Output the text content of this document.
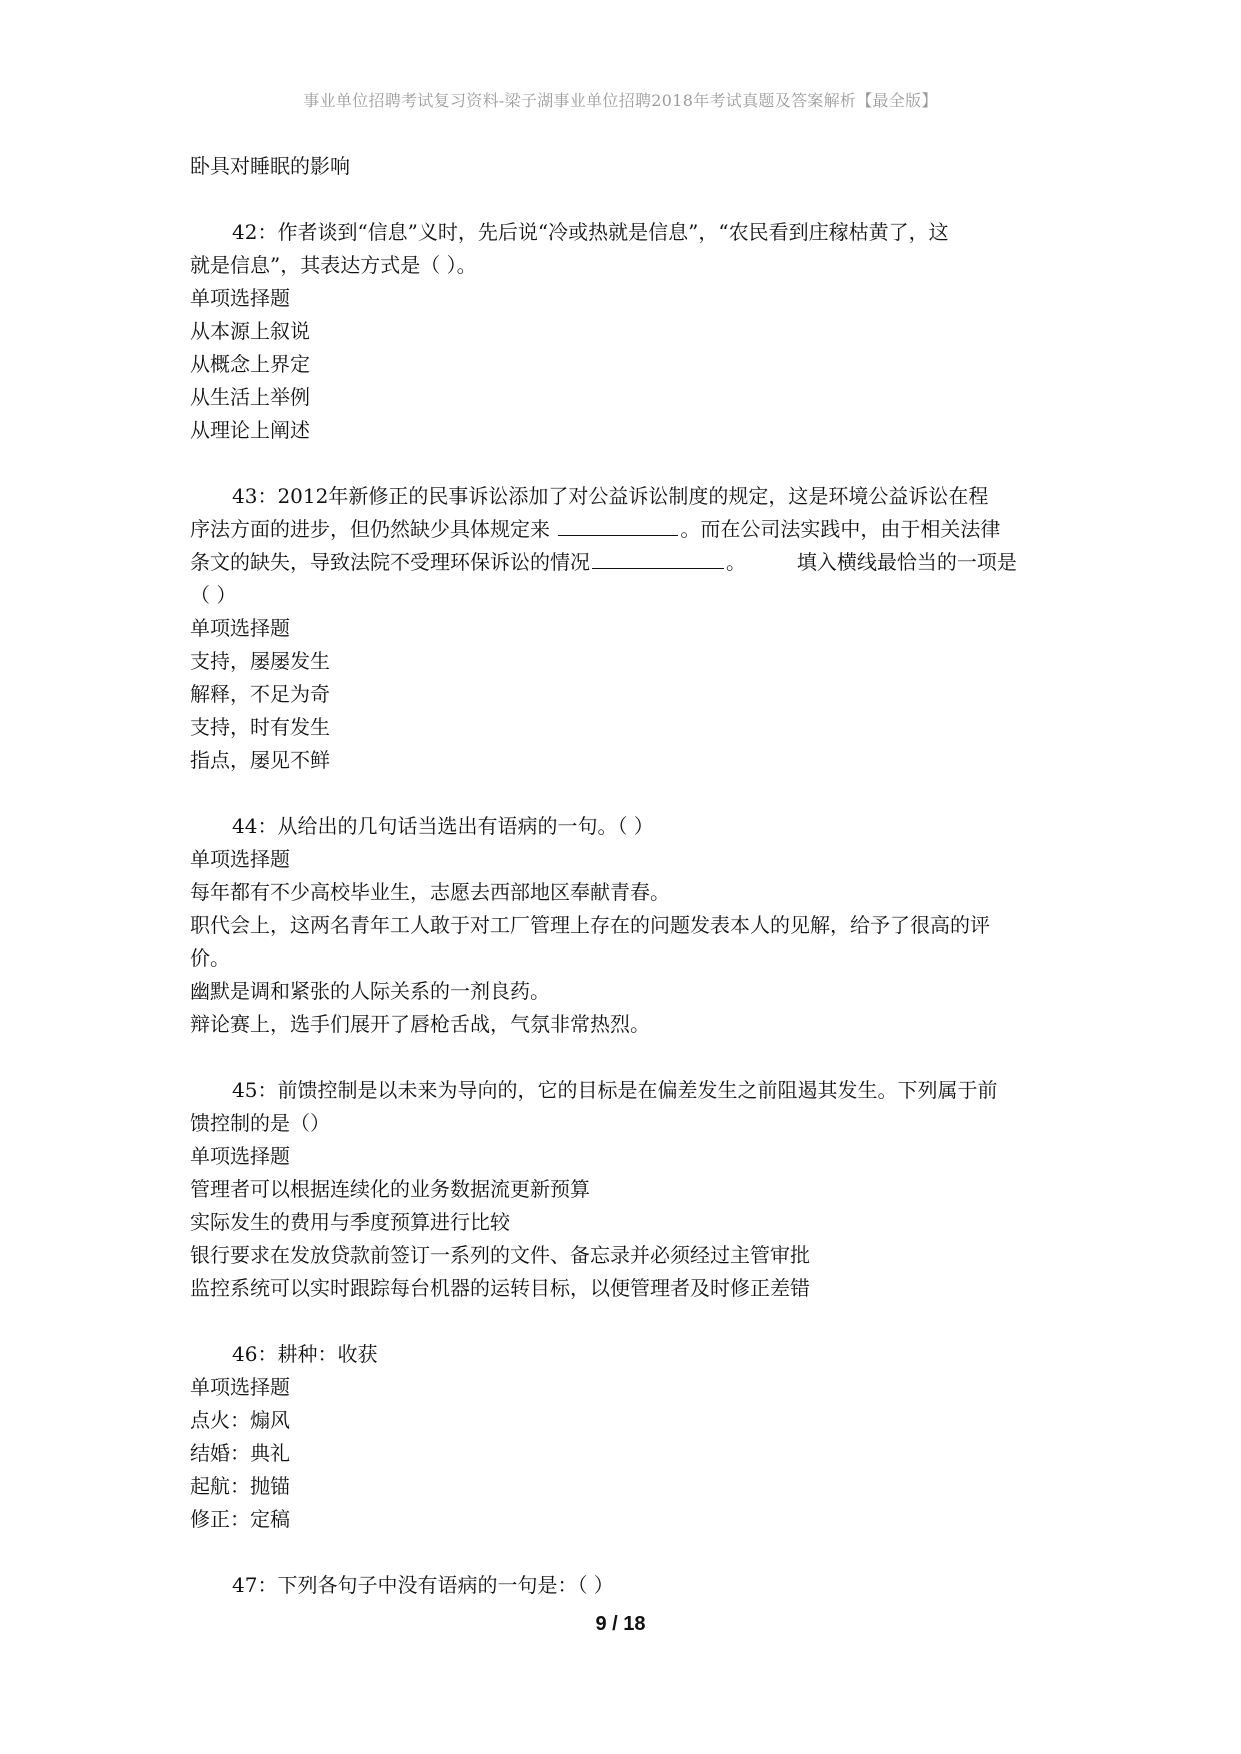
事业单位招聘考试复习资料-梁子湖事业单位招聘2018年考试真题及答案解析【最全版】
卧具对睡眠的影响
42：作者谈到“信息”义时，先后说“冷或热就是信息”，“农民看到庄稼枯黄了，这
就是信息”，其表达方式是（ ）。
单项选择题
从本源上叙说
从概念上界定
从生活上举例
从理论上阐述
43：2012年新修正的民事诉讼添加了对公益诉讼制度的规定，这是环境公益诉讼在程
序法方面的进步，但仍然缺少具体规定来	。而在公司法实践中，由于相关法律
条文的缺失，导致法院不受理环保诉讼的情况	。        填入横线最恰当的一项是
（ ）
单项选择题
支持，屡屡发生
解释，不足为奇
支持，时有发生
指点，屡见不鲜
44：从给出的几句话当选出有语病的一句。（ ）
单项选择题
每年都有不少高校毕业生，志愿去西部地区奉献青春。
职代会上，这两名青年工人敢于对工厂管理上存在的问题发表本人的见解，给予了很高的评
价。
幽默是调和紧张的人际关系的一剂良药。
辩论赛上，选手们展开了唇枪舌战，气氛非常热烈。
45：前馈控制是以未来为导向的，它的目标是在偏差发生之前阻遏其发生。下列属于前
馈控制的是（）
单项选择题
管理者可以根据连续化的业务数据流更新预算
实际发生的费用与季度预算进行比较
银行要求在发放贷款前签订一系列的文件、备忘录并必须经过主管审批
监控系统可以实时跟踪每台机器的运转目标，以便管理者及时修正差错
46：耕种：收获
单项选择题
点火：煽风
结婚：典礼
起航：抛锚
修正：定稿
47：下列各句子中没有语病的一句是：（ ）
9 / 18
